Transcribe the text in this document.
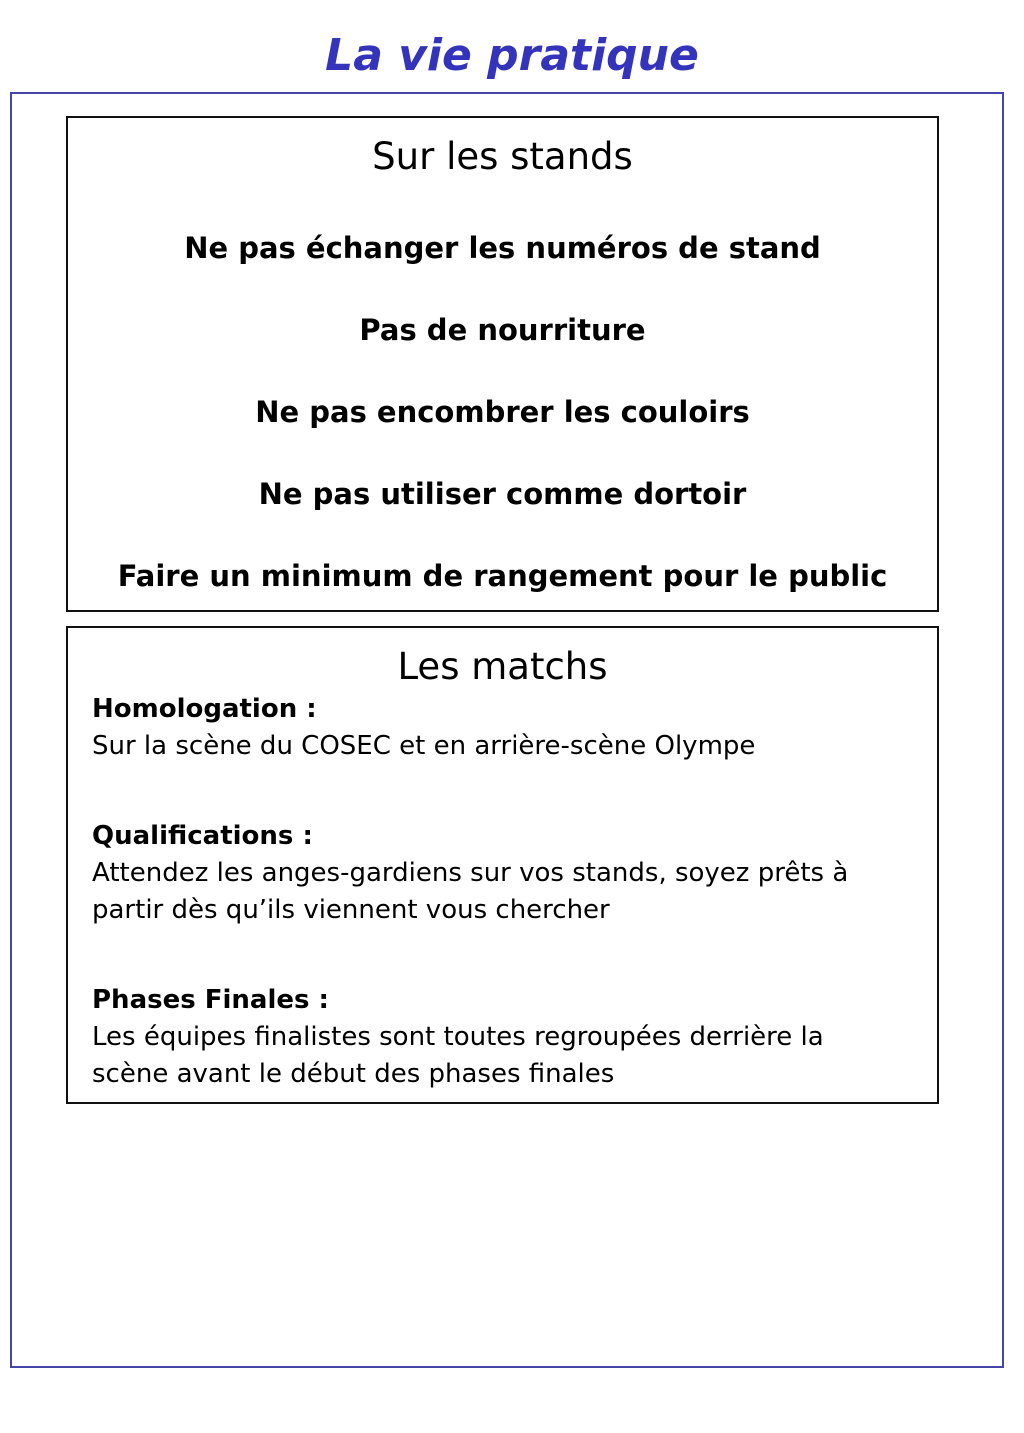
La vie pratique
Sur les stands
Ne pas échanger les numéros de stand
Pas de nourriture
Ne pas encombrer les couloirs
Ne pas utiliser comme dortoir
Faire un minimum de rangement pour le public
Les matchs
Homologation :
Sur la scène du COSEC et en arrière-scène Olympe
Qualifications :
Attendez les anges-gardiens sur vos stands, soyez prêts à partir dès qu’ils viennent vous chercher
Phases Finales :
Les équipes finalistes sont toutes regroupées derrière la scène avant le début des phases finales
